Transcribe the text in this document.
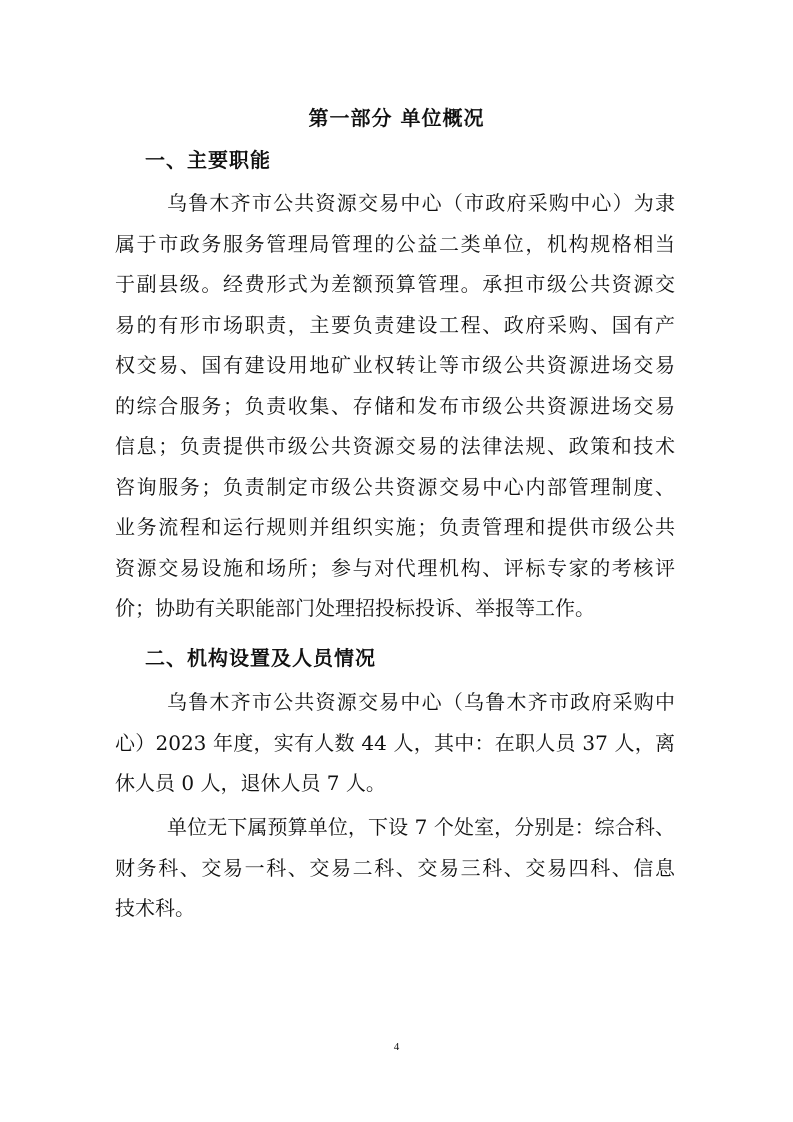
第一部分 单位概况
一、主要职能
乌鲁木齐市公共资源交易中心（市政府采购中心）为隶
属于市政务服务管理局管理的公益二类单位，机构规格相当
于副县级。经费形式为差额预算管理。承担市级公共资源交
易的有形市场职责，主要负责建设工程、政府采购、国有产
权交易、国有建设用地矿业权转让等市级公共资源进场交易
的综合服务；负责收集、存储和发布市级公共资源进场交易
信息；负责提供市级公共资源交易的法律法规、政策和技术
咨询服务；负责制定市级公共资源交易中心内部管理制度、
业务流程和运行规则并组织实施；负责管理和提供市级公共
资源交易设施和场所；参与对代理机构、评标专家的考核评
价；协助有关职能部门处理招投标投诉、举报等工作。
二、机构设置及人员情况
乌鲁木齐市公共资源交易中心（乌鲁木齐市政府采购中
心）2023 年度，实有人数 44 人，其中：在职人员 37 人，离
休人员 0 人，退休人员 7 人。
单位无下属预算单位，下设 7 个处室，分别是：综合科、
财务科、交易一科、交易二科、交易三科、交易四科、信息
技术科。
4
